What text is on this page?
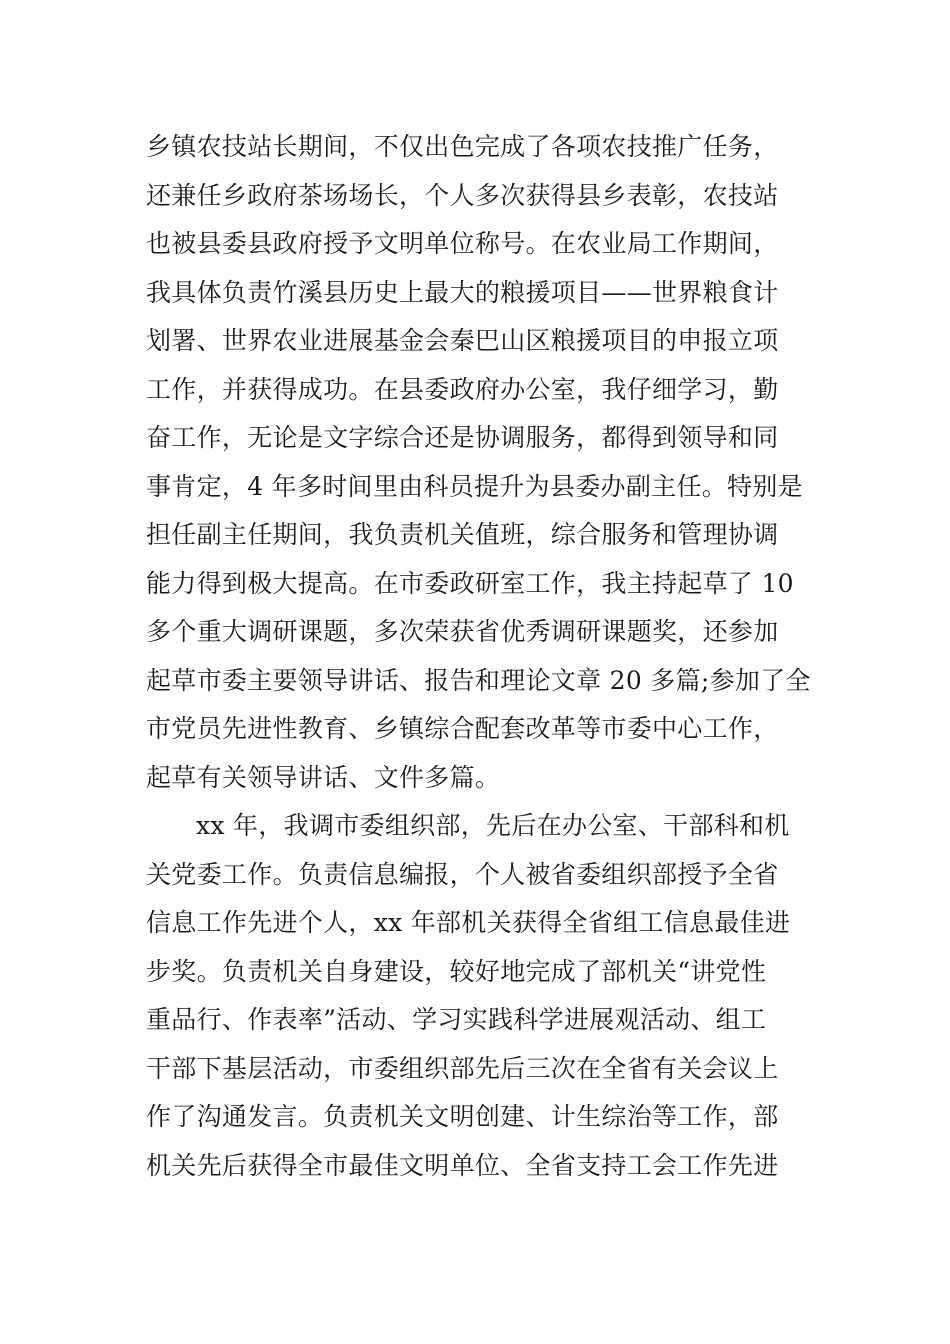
乡镇农技站长期间，不仅出色完成了各项农技推广任务，
还兼任乡政府茶场场长，个人多次获得县乡表彰，农技站
也被县委县政府授予文明单位称号。在农业局工作期间，
我具体负责竹溪县历史上最大的粮援项目——世界粮食计
划署、世界农业进展基金会秦巴山区粮援项目的申报立项
工作，并获得成功。在县委政府办公室，我仔细学习，勤
奋工作，无论是文字综合还是协调服务，都得到领导和同
事肯定，4 年多时间里由科员提升为县委办副主任。特别是
担任副主任期间，我负责机关值班，综合服务和管理协调
能力得到极大提高。在市委政研室工作，我主持起草了 10
多个重大调研课题，多次荣获省优秀调研课题奖，还参加
起草市委主要领导讲话、报告和理论文章 20 多篇;参加了全
市党员先进性教育、乡镇综合配套改革等市委中心工作，
起草有关领导讲话、文件多篇。
xx 年，我调市委组织部，先后在办公室、干部科和机
关党委工作。负责信息编报，个人被省委组织部授予全省
信息工作先进个人，xx 年部机关获得全省组工信息最佳进
步奖。负责机关自身建设，较好地完成了部机关“讲党性
重品行、作表率”活动、学习实践科学进展观活动、组工
干部下基层活动，市委组织部先后三次在全省有关会议上
作了沟通发言。负责机关文明创建、计生综治等工作，部
机关先后获得全市最佳文明单位、全省支持工会工作先进
